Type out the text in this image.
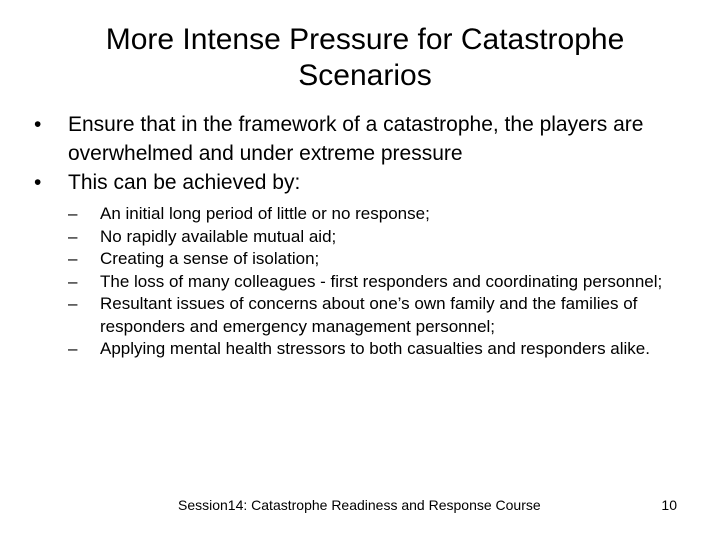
More Intense Pressure for Catastrophe Scenarios
•	Ensure that in the framework of a catastrophe, the players are overwhelmed and under extreme pressure
•	This can be achieved by:
–	An initial long period of little or no response;
–	No rapidly available mutual aid;
–	Creating a sense of isolation;
–	The loss of many colleagues - first responders and coordinating personnel;
–	Resultant issues of concerns about one’s own family and the families of responders and emergency management personnel;
–	Applying mental health stressors to both casualties and responders alike.
Session14: Catastrophe Readiness and Response Course	10
